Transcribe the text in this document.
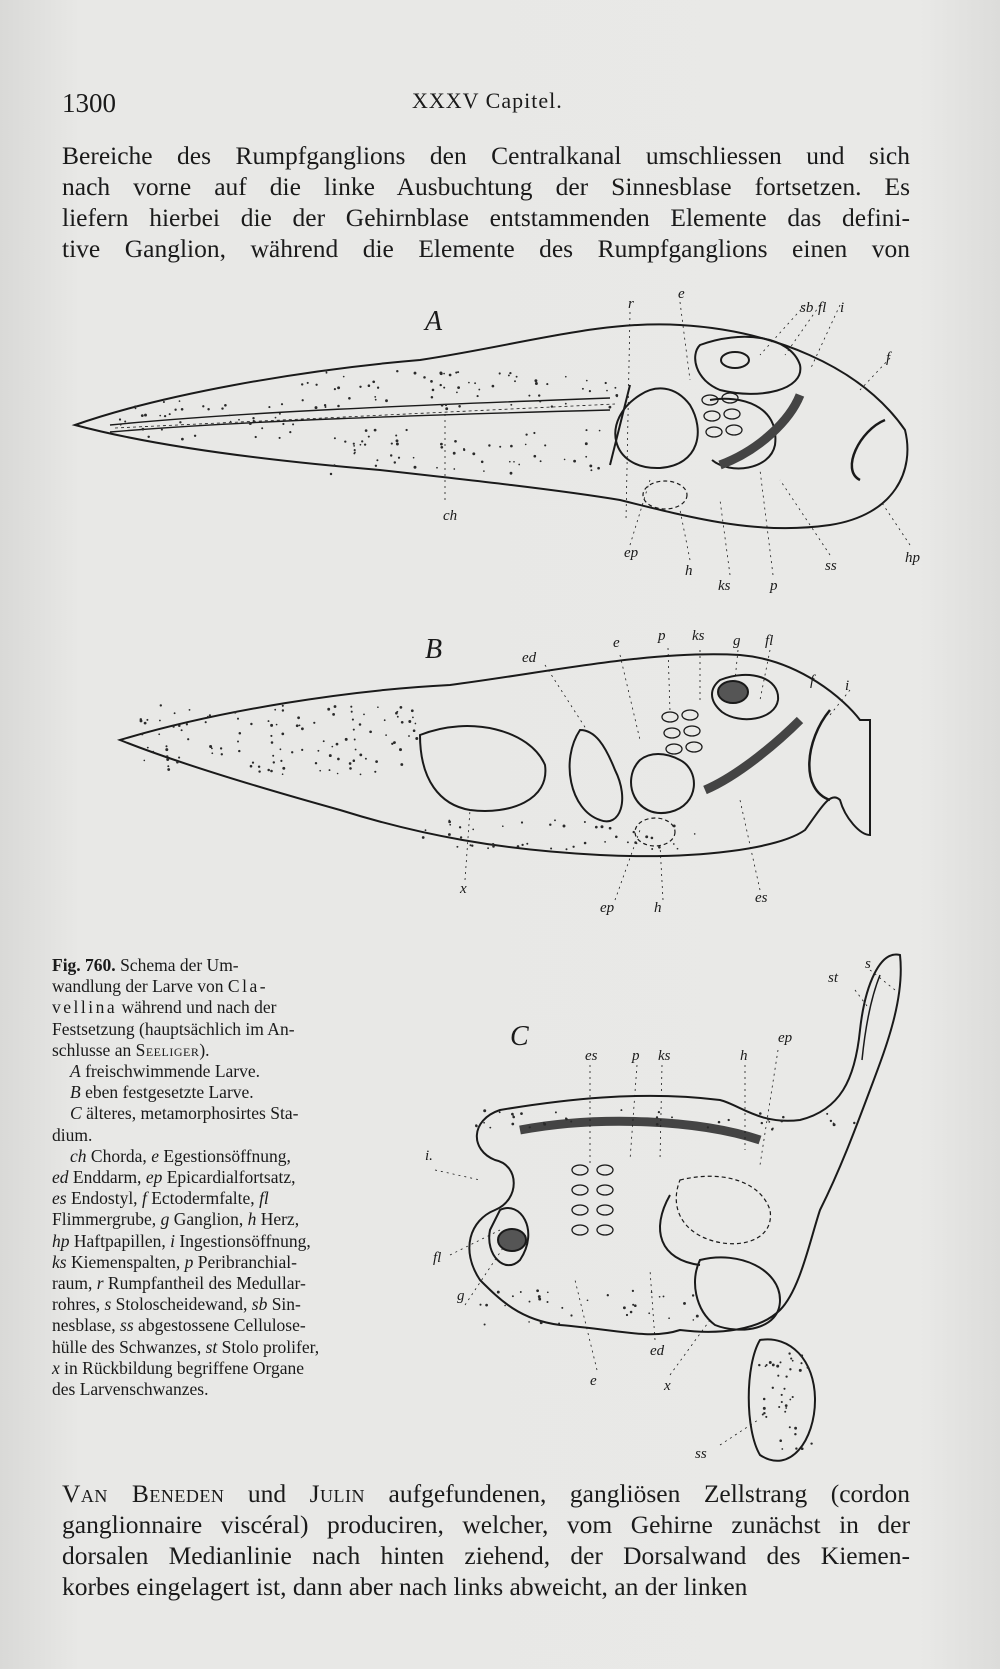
1300	XXXV Capitel.
Bereiche des Rumpfganglions den Centralkanal umschliessen und sich
nach vorne auf die linke Ausbuchtung der Sinnesblase fortsetzen. Es
liefern hierbei die der Gehirnblase entstammenden Elemente das defini-
tive Ganglion, während die Elemente des Rumpfganglions einen von
A
B
C
r
e
sb fl i
f
ch
ep
h
ks	p
ss	hp
ed
e	p ks g fl
i
f
x
ep	h
es
s
st
es p ks	h
ep
i.
fl
g
ed
e	x
ss
Fig. 760. Schema der Um-
wandlung der Larve von Cla-
vellina während und nach der
Festsetzung (hauptsächlich im An-
schlusse an Seeliger).
A freischwimmende Larve.
B eben festgesetzte Larve.
C älteres, metamorphosirtes Sta-
dium.
ch Chorda, e Egestionsöffnung,
ed Enddarm, ep Epicardialfortsatz,
es Endostyl, f Ectodermfalte, fl
Flimmergrube, g Ganglion, h Herz,
hp Haftpapillen, i Ingestionsöffnung,
ks Kiemenspalten, p Peribranchial-
raum, r Rumpfantheil des Medullar-
rohres, s Stoloscheidewand, sb Sin-
nesblase, ss abgestossene Cellulose-
hülle des Schwanzes, st Stolo prolifer,
x in Rückbildung begriffene Organe
des Larvenschwanzes.
Van Beneden und Julin aufgefundenen, gangliösen Zellstrang (cordon
ganglionnaire viscéral) produciren, welcher, vom Gehirne zunächst in der
dorsalen Medianlinie nach hinten ziehend, der Dorsalwand des Kiemen-
korbes eingelagert ist, dann aber nach links abweicht, an der linken
